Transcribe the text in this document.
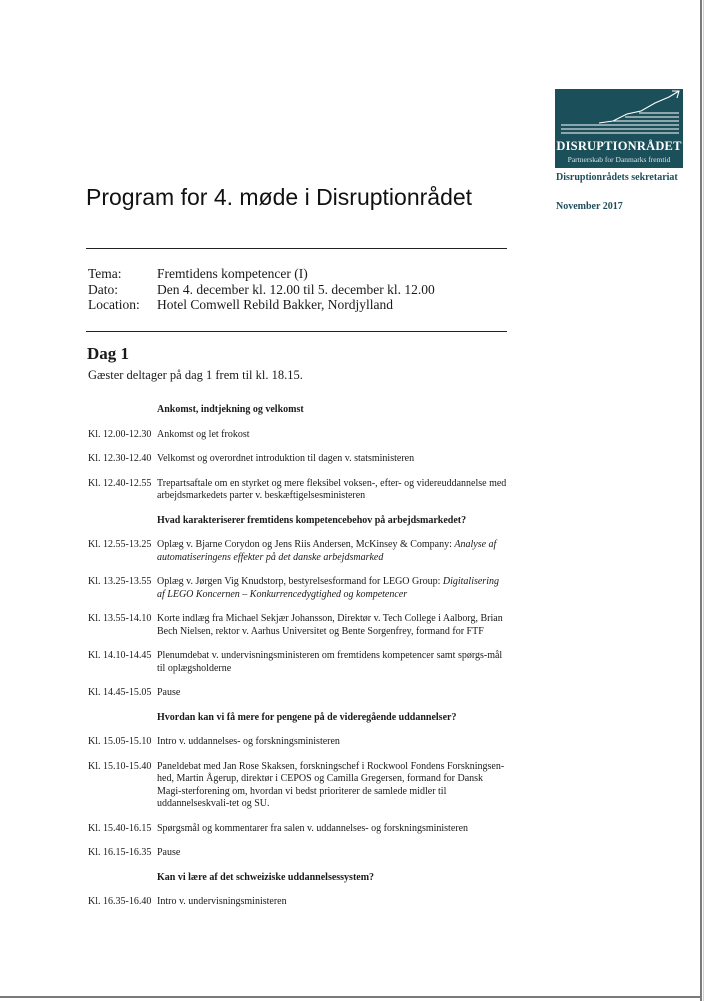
DISRUPTIONRÅDET
Partnerskab for Danmarks fremtid
Disruptionrådets sekretariat
November 2017
Program for 4. møde i Disruptionrådet
Tema:	Fremtidens kompetencer (I)
Dato:	Den 4. december kl. 12.00 til 5. december kl. 12.00
Location: Hotel Comwell Rebild Bakker, Nordjylland
Dag 1
Gæster deltager på dag 1 frem til kl. 18.15.
Ankomst, indtjekning og velkomst
Kl. 12.00-12.30 Ankomst og let frokost
Kl. 12.30-12.40 Velkomst og overordnet introduktion til dagen v. statsministeren
Kl. 12.40-12.55 Trepartsaftale om en styrket og mere fleksibel voksen-, efter- og videreuddannelse med arbejdsmarkedets parter v. beskæftigelsesministeren
Hvad karakteriserer fremtidens kompetencebehov på arbejdsmarkedet?
Kl. 12.55-13.25 Oplæg v. Bjarne Corydon og Jens Riis Andersen, McKinsey & Company: Analyse af automatiseringens effekter på det danske arbejdsmarked
Kl. 13.25-13.55 Oplæg v. Jørgen Vig Knudstorp, bestyrelsesformand for LEGO Group: Digitalisering af LEGO Koncernen – Konkurrencedygtighed og kompetencer
Kl. 13.55-14.10 Korte indlæg fra Michael Sekjær Johansson, Direktør v. Tech College i Aalborg, Brian Bech Nielsen, rektor v. Aarhus Universitet og Bente Sorgenfrey, formand for FTF
Kl. 14.10-14.45 Plenumdebat v. undervisningsministeren om fremtidens kompetencer samt spørgs-mål til oplægsholderne
Kl. 14.45-15.05 Pause
Hvordan kan vi få mere for pengene på de videregående uddannelser?
Kl. 15.05-15.10 Intro v. uddannelses- og forskningsministeren
Kl. 15.10-15.40 Paneldebat med Jan Rose Skaksen, forskningschef i Rockwool Fondens Forskningsen-hed, Martin Ågerup, direktør i CEPOS og Camilla Gregersen, formand for Dansk Magi-sterforening om, hvordan vi bedst prioriterer de samlede midler til uddannelseskvali-tet og SU.
Kl. 15.40-16.15 Spørgsmål og kommentarer fra salen v. uddannelses- og forskningsministeren
Kl. 16.15-16.35 Pause
Kan vi lære af det schweiziske uddannelsessystem?
Kl. 16.35-16.40 Intro v. undervisningsministeren
